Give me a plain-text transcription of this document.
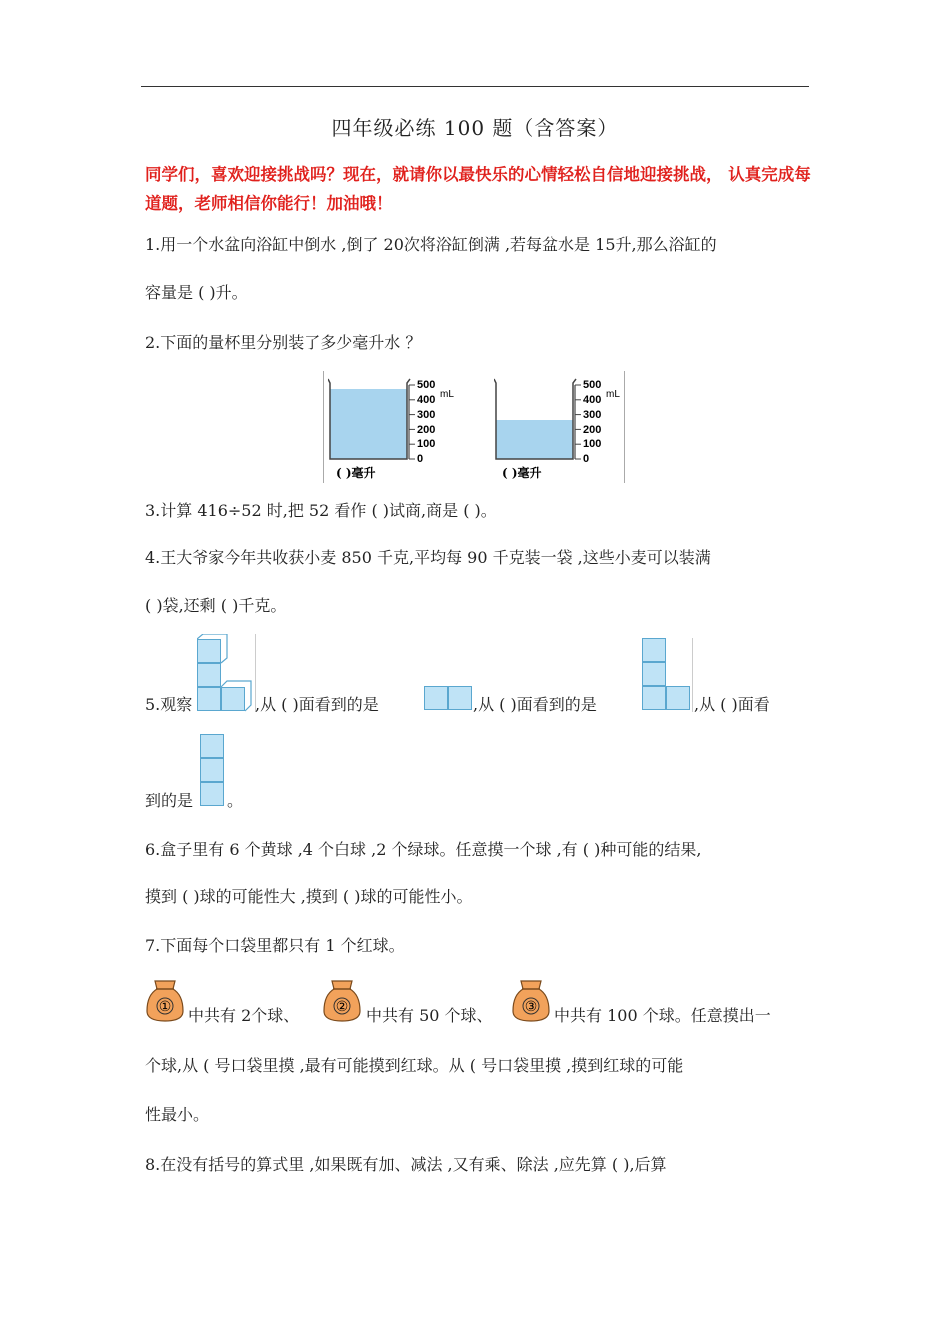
四年级必练 100 题（含答案）
同学们，喜欢迎接挑战吗？现在，就请你以最快乐的心情轻松自信地迎接挑战， 认真完成每道题，老师相信你能行！加油哦！
1.用一个水盆向浴缸中倒水 ,倒了 20次将浴缸倒满 ,若每盆水是 15升,那么浴缸的
容量是 ( )升。
2.下面的量杯里分别装了多少毫升水 ？
500
400
300
200
100
0
mL
( )毫升
500
400
300
200
100
0
mL
( )毫升
3.计算 416÷52 时,把 52 看作 ( )试商,商是 ( )。
4.王大爷家今年共收获小麦 850 千克,平均每 90 千克装一袋 ,这些小麦可以装满
( )袋,还剩 ( )千克。
5.观察	,从 ( )面看到的是	,从 ( )面看到的是	,从 ( )面看
到的是 。
6.盒子里有 6 个黄球 ,4 个白球 ,2 个绿球。任意摸一个球 ,有 ( )种可能的结果,
摸到 ( )球的可能性大 ,摸到 ( )球的可能性小。
7.下面每个口袋里都只有 1 个红球。
① 中共有 2个球、	② 中共有 50 个球、 ③ 中共有 100 个球。任意摸出一
个球,从 ( 号口袋里摸 ,最有可能摸到红球。从 ( 号口袋里摸 ,摸到红球的可能
性最小。
8.在没有括号的算式里 ,如果既有加、减法 ,又有乘、除法 ,应先算 ( ),后算
